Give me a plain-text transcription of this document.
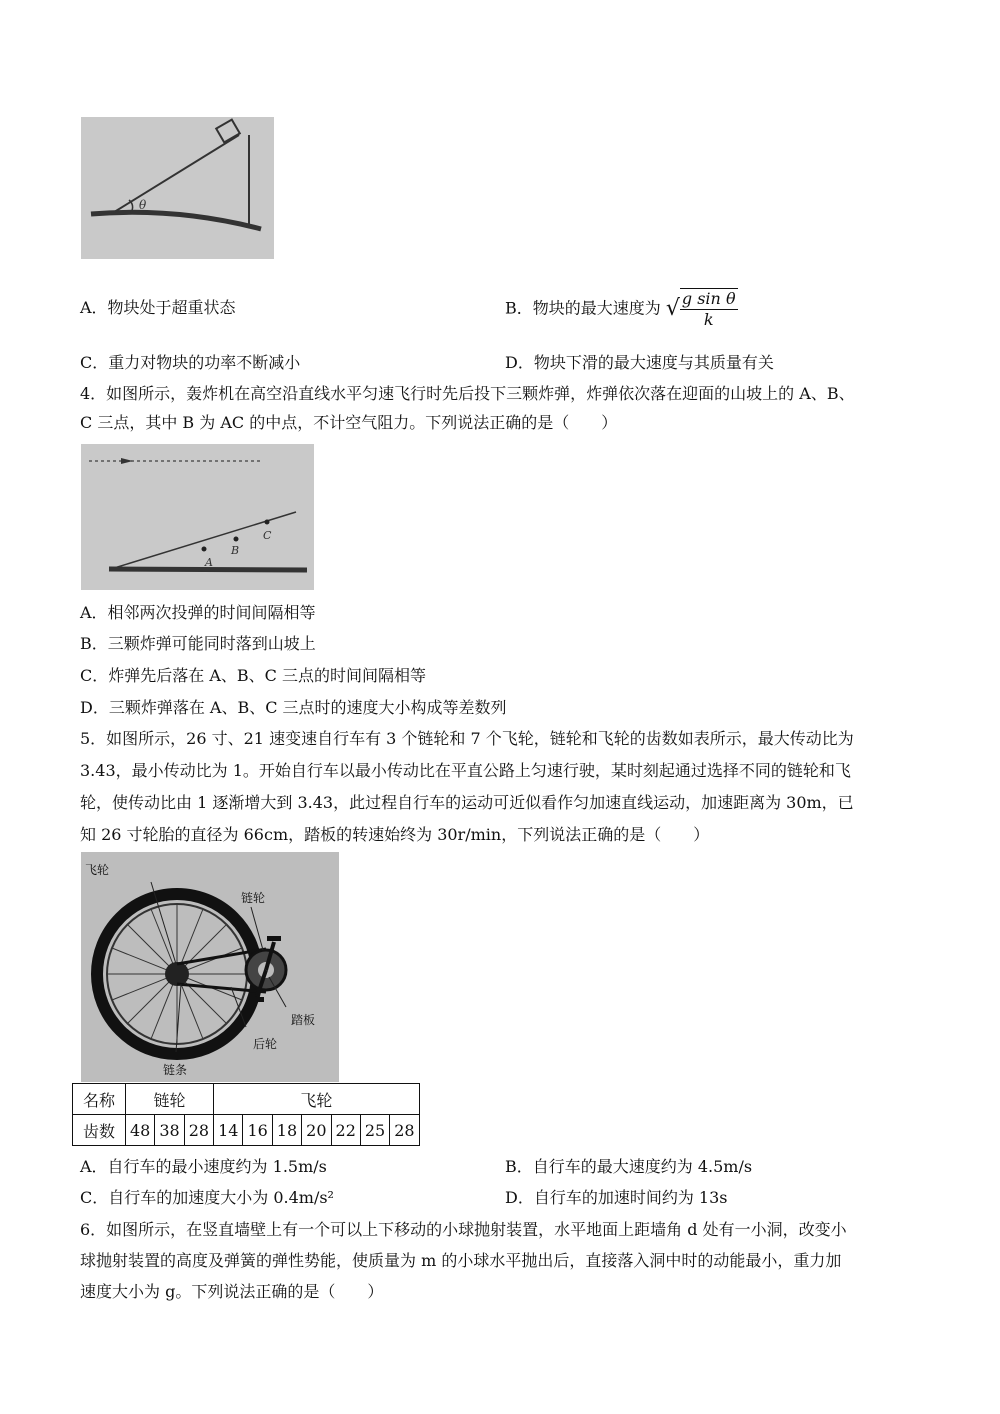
θ
A．物块处于超重状态	B．物块的最大速度为 √ $\frac{\text{g sin θ}}{k}$
C．重力对物块的功率不断减小	D．物块下滑的最大速度与其质量有关
4．如图所示，轰炸机在高空沿直线水平匀速飞行时先后投下三颗炸弹，炸弹依次落在迎面的山坡上的 A、B、
C 三点，其中 B 为 AC 的中点，不计空气阻力。下列说法正确的是（　　）
A
B
C
A．相邻两次投弹的时间间隔相等
B．三颗炸弹可能同时落到山坡上
C．炸弹先后落在 A、B、C 三点的时间间隔相等
D．三颗炸弹落在 A、B、C 三点时的速度大小构成等差数列
5．如图所示，26 寸、21 速变速自行车有 3 个链轮和 7 个飞轮，链轮和飞轮的齿数如表所示，最大传动比为
3.43，最小传动比为 1。开始自行车以最小传动比在平直公路上匀速行驶，某时刻起通过选择不同的链轮和飞
轮，使传动比由 1 逐渐增大到 3.43，此过程自行车的运动可近似看作匀加速直线运动，加速距离为 30m，已
知 26 寸轮胎的直径为 66cm，踏板的转速始终为 30r/min，下列说法正确的是（　　）
飞轮
链轮
踏板
后轮
链条
名称	链轮			飞轮						
齿数	48	38	28	14	16	18	20	22	25	28
A．自行车的最小速度约为 1.5m/s	B．自行车的最大速度约为 4.5m/s
C．自行车的加速度大小为 0.4m/s²	D．自行车的加速时间约为 13s
6．如图所示，在竖直墙壁上有一个可以上下移动的小球抛射装置，水平地面上距墙角 d 处有一小洞，改变小
球抛射装置的高度及弹簧的弹性势能，使质量为 m 的小球水平抛出后，直接落入洞中时的动能最小，重力加
速度大小为 g。下列说法正确的是（　　）
